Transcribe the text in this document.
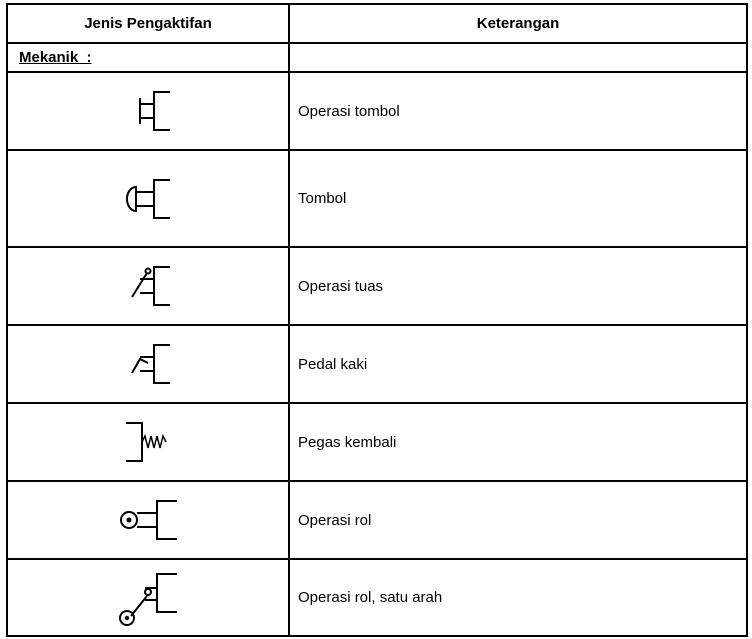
Jenis Pengaktifan	Keterangan
Mekanik  :
Operasi tombol
Tombol
Operasi tuas
Pedal kaki
Pegas kembali
Operasi rol
Operasi rol, satu arah
